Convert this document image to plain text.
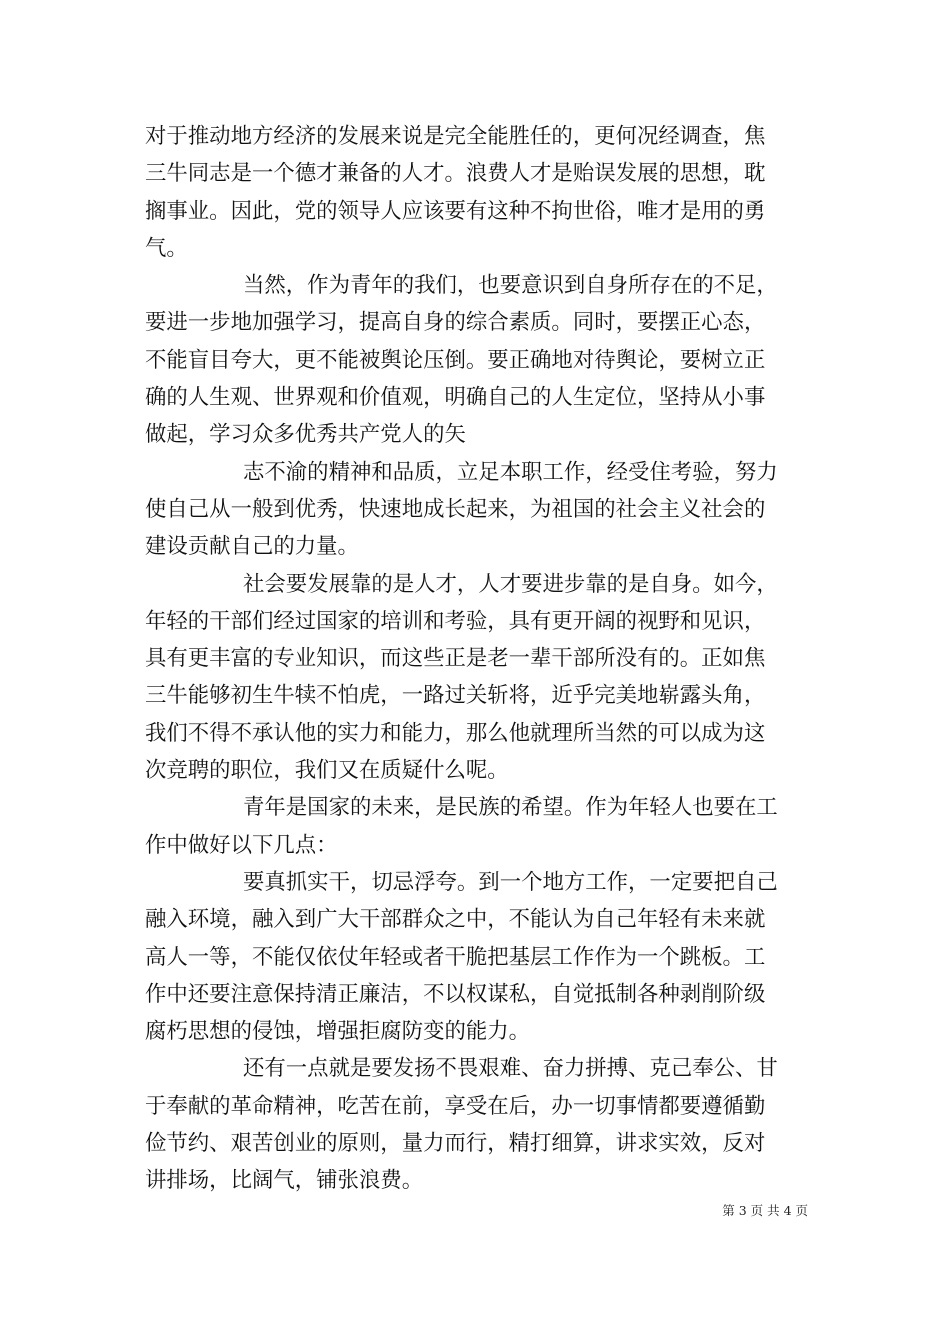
对于推动地方经济的发展来说是完全能胜任的，更何况经调查，焦
三牛同志是一个德才兼备的人才。浪费人才是贻误发展的思想，耽
搁事业。因此，党的领导人应该要有这种不拘世俗，唯才是用的勇
气。

当然，作为青年的我们，也要意识到自身所存在的不足，
要进一步地加强学习，提高自身的综合素质。同时，要摆正心态，
不能盲目夸大，更不能被舆论压倒。要正确地对待舆论，要树立正
确的人生观、世界观和价值观，明确自己的人生定位，坚持从小事
做起，学习众多优秀共产党人的矢

志不渝的精神和品质，立足本职工作，经受住考验，努力
使自己从一般到优秀，快速地成长起来，为祖国的社会主义社会的
建设贡献自己的力量。

社会要发展靠的是人才，人才要进步靠的是自身。如今，
年轻的干部们经过国家的培训和考验，具有更开阔的视野和见识，
具有更丰富的专业知识，而这些正是老一辈干部所没有的。正如焦
三牛能够初生牛犊不怕虎，一路过关斩将，近乎完美地崭露头角，
我们不得不承认他的实力和能力，那么他就理所当然的可以成为这
次竞聘的职位，我们又在质疑什么呢。

青年是国家的未来，是民族的希望。作为年轻人也要在工
作中做好以下几点：

要真抓实干，切忌浮夸。到一个地方工作，一定要把自己
融入环境，融入到广大干部群众之中，不能认为自己年轻有未来就
高人一等，不能仅依仗年轻或者干脆把基层工作作为一个跳板。工
作中还要注意保持清正廉洁，不以权谋私，自觉抵制各种剥削阶级
腐朽思想的侵蚀，增强拒腐防变的能力。

还有一点就是要发扬不畏艰难、奋力拼搏、克己奉公、甘
于奉献的革命精神，吃苦在前，享受在后，办一切事情都要遵循勤
俭节约、艰苦创业的原则，量力而行，精打细算，讲求实效，反对
讲排场，比阔气，铺张浪费。

第 3 页 共 4 页
